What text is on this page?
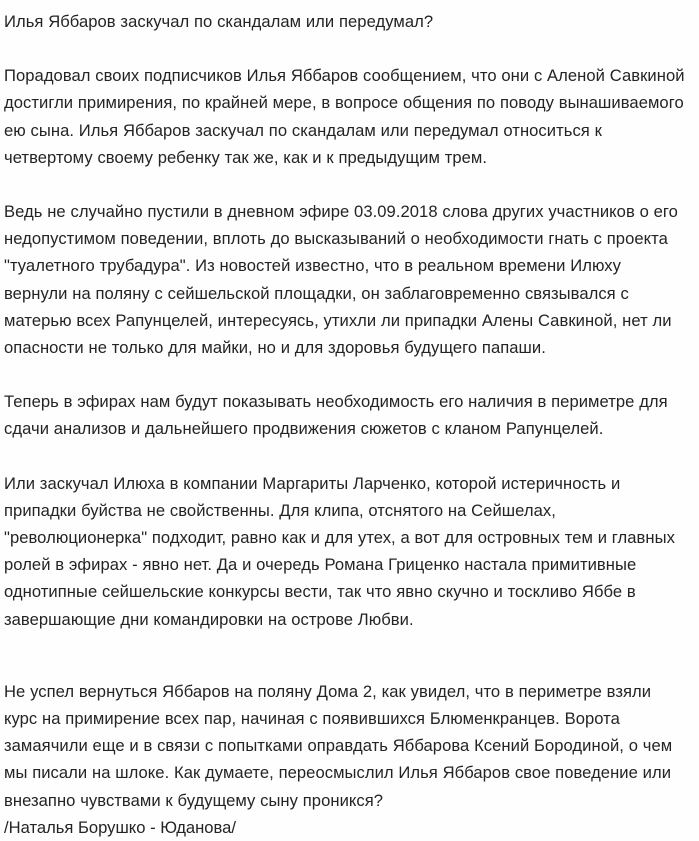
Илья Яббаров заскучал по скандалам или передумал?

Порадовал своих подписчиков Илья Яббаров сообщением, что они с Аленой Савкиной достигли примирения, по крайней мере, в вопросе общения по поводу вынашиваемого ею сына. Илья Яббаров заскучал по скандалам или передумал относиться к четвертому своему ребенку так же, как и к предыдущим трем.

Ведь не случайно пустили в дневном эфире 03.09.2018 слова других участников о его недопустимом поведении, вплоть до высказываний о необходимости гнать с проекта "туалетного трубадура". Из новостей известно, что в реальном времени Илюху вернули на поляну с сейшельской площадки, он заблаговременно связывался с матерью всех Рапунцелей, интересуясь, утихли ли припадки Алены Савкиной, нет ли опасности не только для майки, но и для здоровья будущего папаши.

Теперь в эфирах нам будут показывать необходимость его наличия в периметре для сдачи анализов и дальнейшего продвижения сюжетов с кланом Рапунцелей.

Или заскучал Илюха в компании Маргариты Ларченко, которой истеричность и припадки буйства не свойственны. Для клипа, отснятого на Сейшелах, "революционерка" подходит, равно как и для утех, а вот для островных тем и главных ролей в эфирах - явно нет. Да и очередь Романа Гриценко настала примитивные однотипные сейшельские конкурсы вести, так что явно скучно и тоскливо Яббе в завершающие дни командировки на острове Любви.

Не успел вернуться Яббаров на поляну Дома 2, как увидел, что в периметре взяли курс на примирение всех пар, начиная с появившихся Блюменкранцев. Ворота замаячили еще и в связи с попытками оправдать Яббарова Ксений Бородиной, о чем мы писали на шлоке. Как думаете, переосмыслил Илья Яббаров свое поведение или внезапно чувствами к будущему сыну проникся?

/Наталья Борушко - Юданова/
